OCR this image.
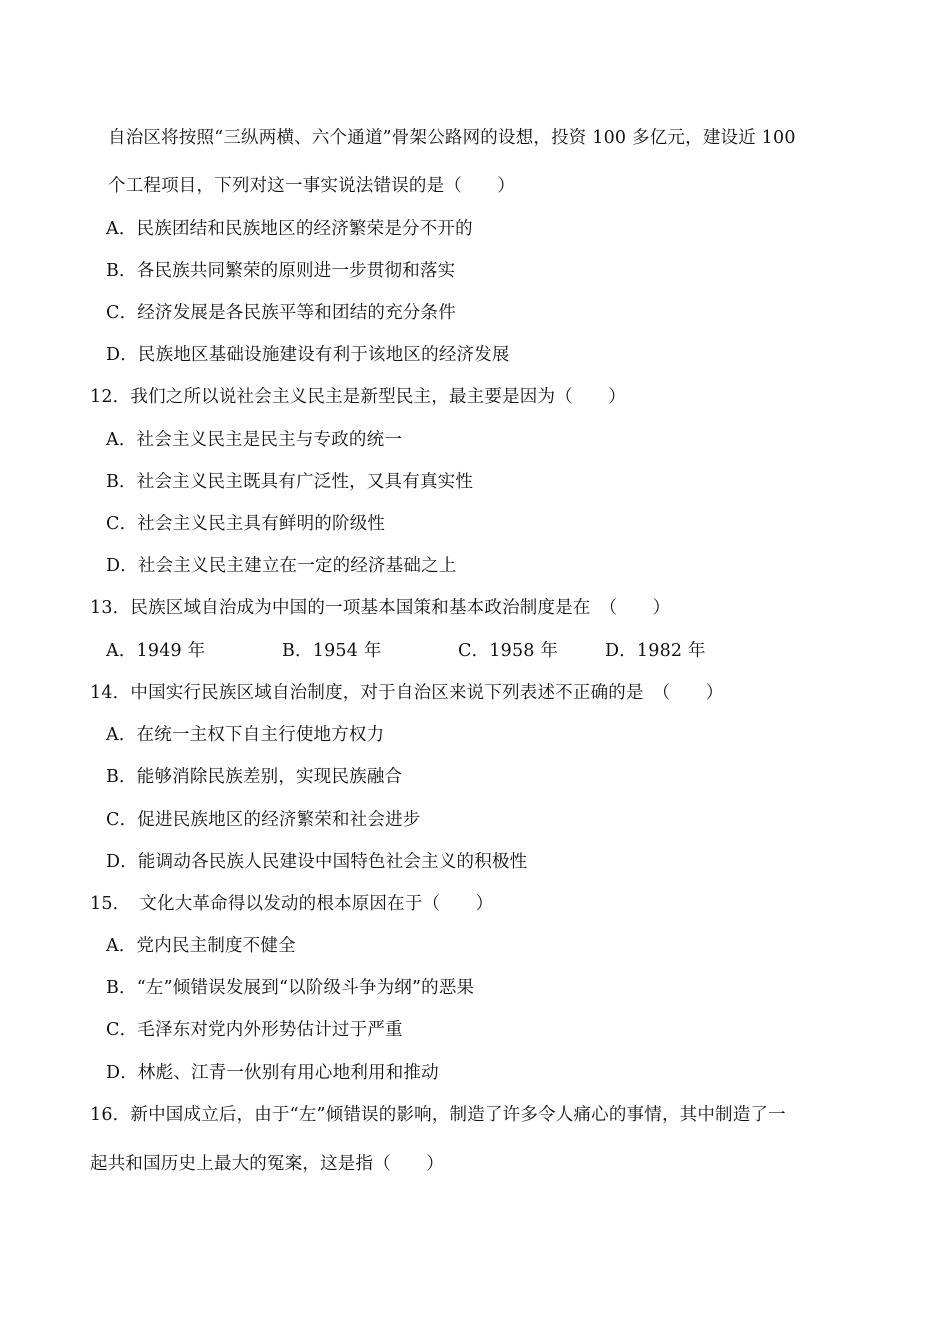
自治区将按照“三纵两横、六个通道”骨架公路网的设想，投资 100 多亿元，建设近 100
个工程项目，下列对这一事实说法错误的是（　　）
A．民族团结和民族地区的经济繁荣是分不开的
B．各民族共同繁荣的原则进一步贯彻和落实
C．经济发展是各民族平等和团结的充分条件
D．民族地区基础设施建设有利于该地区的经济发展
12．我们之所以说社会主义民主是新型民主，最主要是因为（　　）
A．社会主义民主是民主与专政的统一
B．社会主义民主既具有广泛性，又具有真实性
C．社会主义民主具有鲜明的阶级性
D．社会主义民主建立在一定的经济基础之上
13．民族区域自治成为中国的一项基本国策和基本政治制度是在　（　　）
A．1949 年	B．1954 年	C．1958 年	D．1982 年
14．中国实行民族区域自治制度，对于自治区来说下列表述不正确的是　（　　）
A．在统一主权下自主行使地方权力
B．能够消除民族差别，实现民族融合
C．促进民族地区的经济繁荣和社会进步
D．能调动各民族人民建设中国特色社会主义的积极性
15．　文化大革命得以发动的根本原因在于（　　）
A．党内民主制度不健全
B．“左”倾错误发展到“以阶级斗争为纲”的恶果
C．毛泽东对党内外形势估计过于严重
D．林彪、江青一伙别有用心地利用和推动
16．新中国成立后，由于“左”倾错误的影响，制造了许多令人痛心的事情，其中制造了一
起共和国历史上最大的冤案，这是指（　　）
